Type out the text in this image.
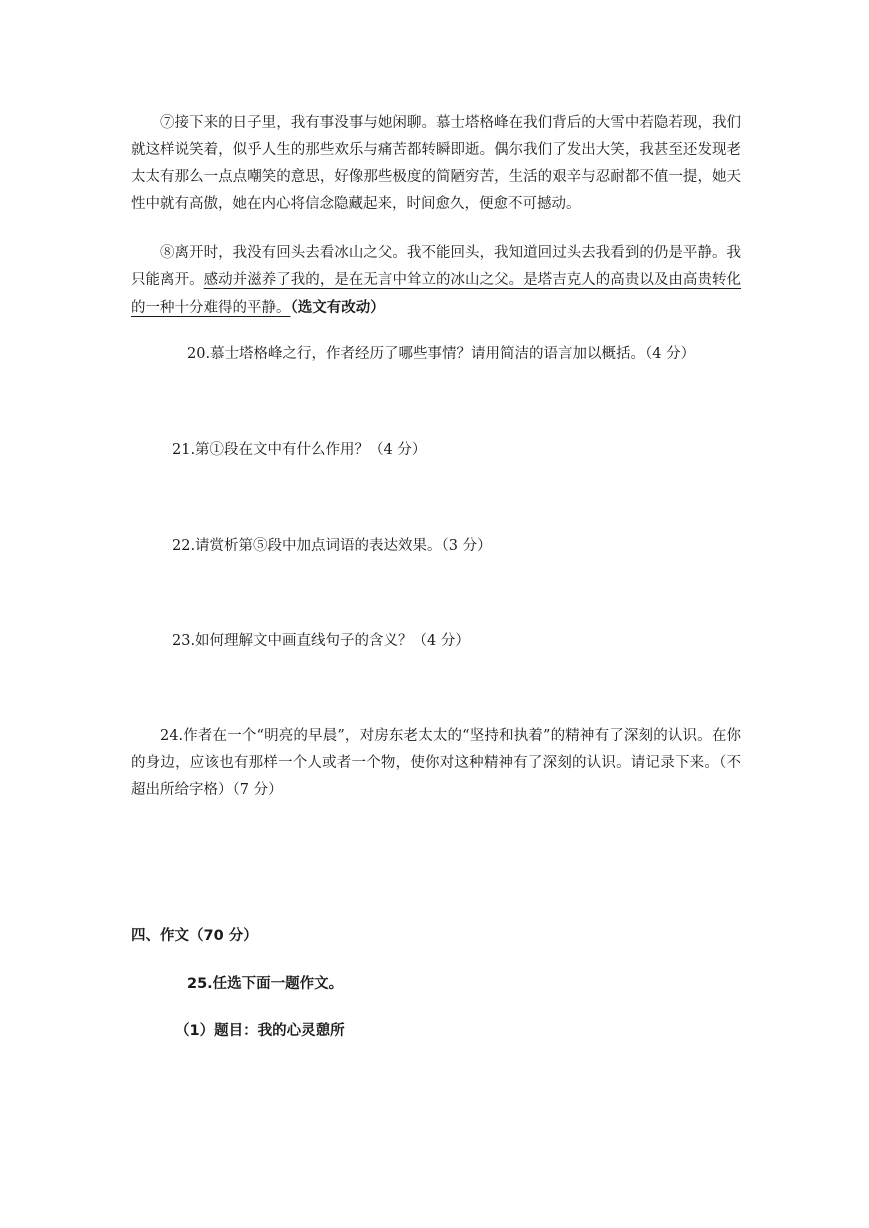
⑦接下来的日子里，我有事没事与她闲聊。慕士塔格峰在我们背后的大雪中若隐若现，我们就这样说笑着，似乎人生的那些欢乐与痛苦都转瞬即逝。偶尔我们了发出大笑，我甚至还发现老太太有那么一点点嘲笑的意思，好像那些极度的简陋穷苦，生活的艰辛与忍耐都不值一提，她天性中就有高傲，她在内心将信念隐藏起来，时间愈久，便愈不可撼动。

⑧离开时，我没有回头去看冰山之父。我不能回头，我知道回过头去我看到的仍是平静。我只能离开。感动并滋养了我的，是在无言中耸立的冰山之父。是塔吉克人的高贵以及由高贵转化的一种十分难得的平静。（选文有改动）

20.慕士塔格峰之行，作者经历了哪些事情？请用简洁的语言加以概括。（4 分）

21.第①段在文中有什么作用？（4 分）

22.请赏析第⑤段中加点词语的表达效果。（3 分）

23.如何理解文中画直线句子的含义？（4 分）

24.作者在一个“明亮的早晨”，对房东老太太的“坚持和执着”的精神有了深刻的认识。在你的身边，应该也有那样一个人或者一个物，使你对这种精神有了深刻的认识。请记录下来。（不超出所给字格）（7 分）

四、作文（70 分）

25.任选下面一题作文。

（1）题目：我的心灵憩所
